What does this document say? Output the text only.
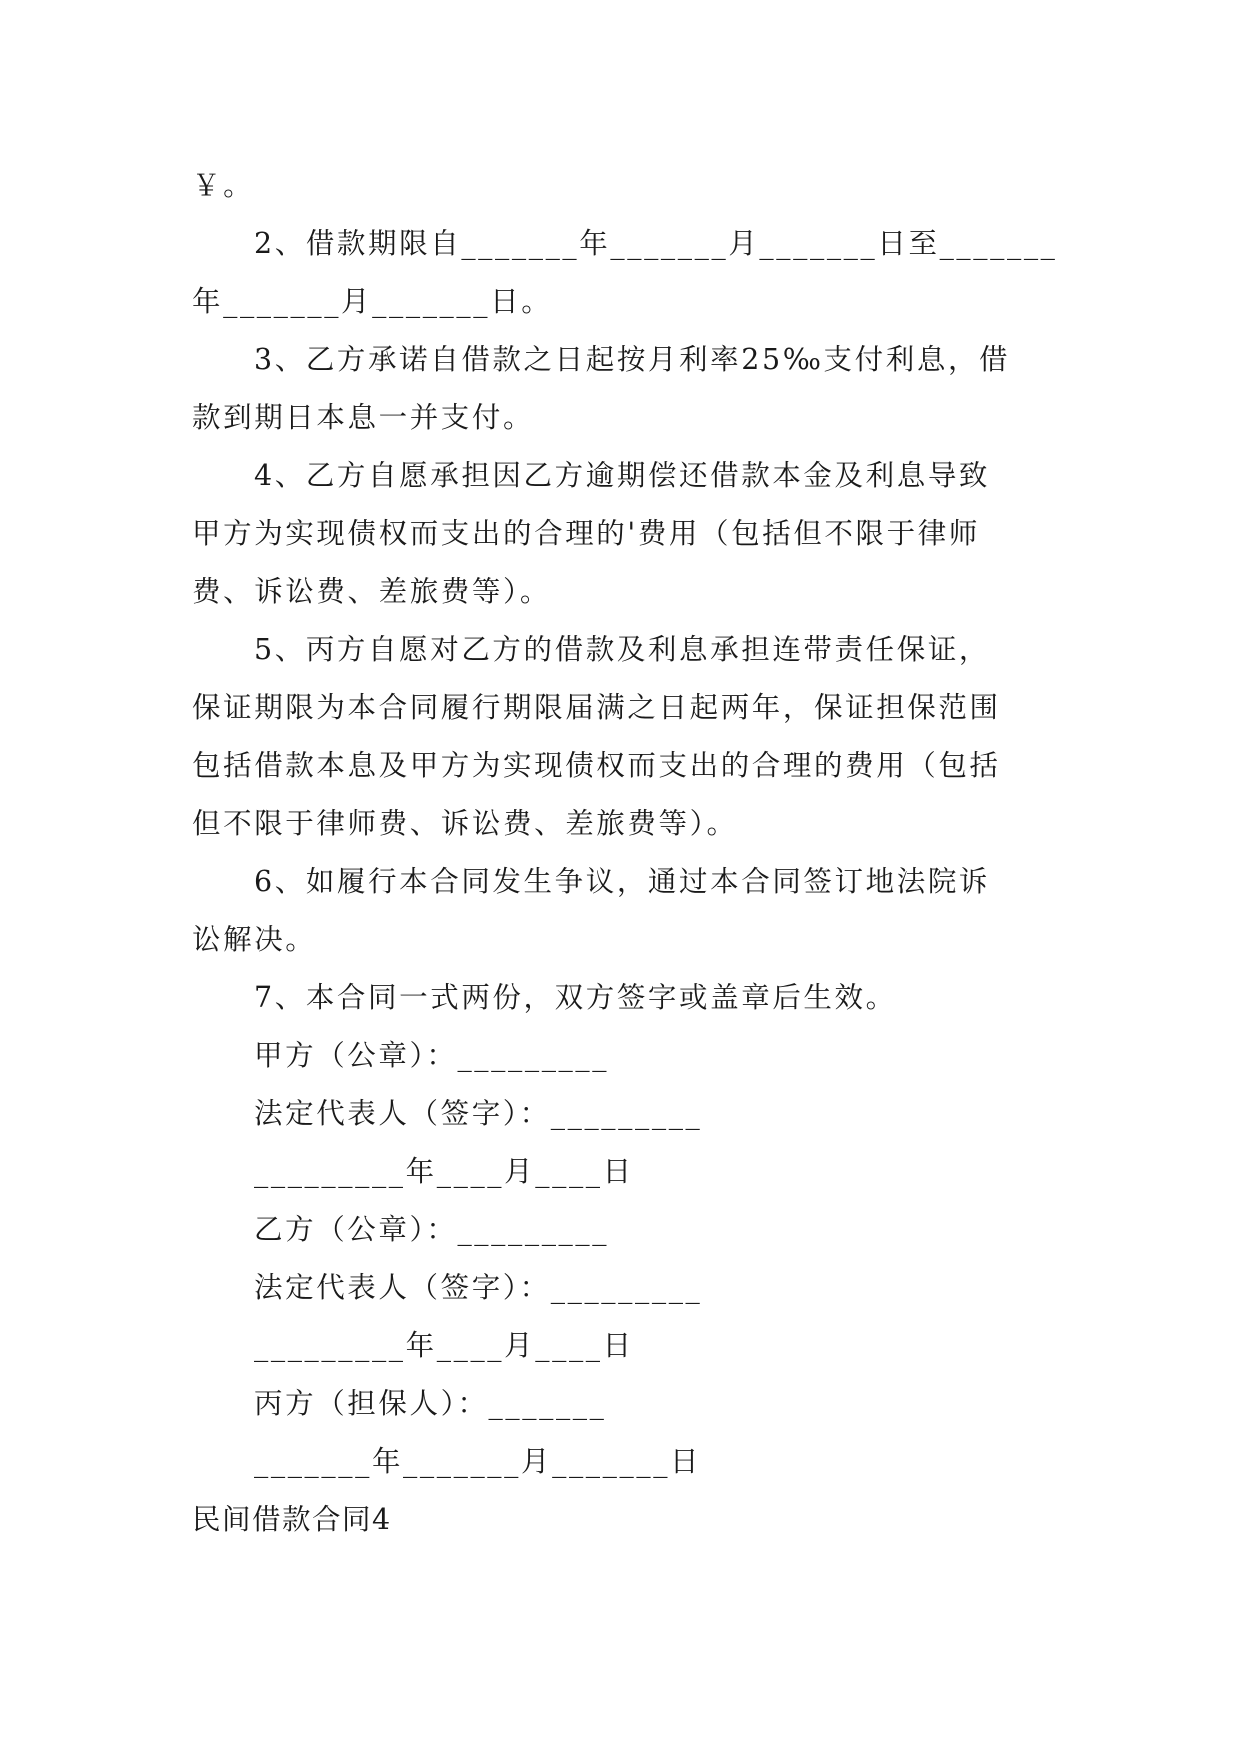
￥。
2、借款期限自_______年_______月_______日至_______
年_______月_______日。
3、乙方承诺自借款之日起按月利率25‰支付利息，借
款到期日本息一并支付。
4、乙方自愿承担因乙方逾期偿还借款本金及利息导致
甲方为实现债权而支出的合理的'费用（包括但不限于律师
费、诉讼费、差旅费等）。
5、丙方自愿对乙方的借款及利息承担连带责任保证，
保证期限为本合同履行期限届满之日起两年，保证担保范围
包括借款本息及甲方为实现债权而支出的合理的费用（包括
但不限于律师费、诉讼费、差旅费等）。
6、如履行本合同发生争议，通过本合同签订地法院诉
讼解决。
7、本合同一式两份，双方签字或盖章后生效。
甲方（公章）：_________
法定代表人（签字）：_________
_________年____月____日
乙方（公章）：_________
法定代表人（签字）：_________
_________年____月____日
丙方（担保人）：_______
_______年_______月_______日
民间借款合同4
